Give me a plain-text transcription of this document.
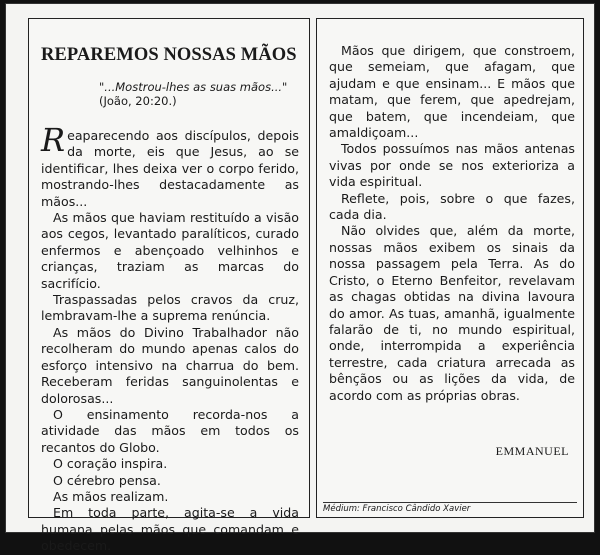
REPAREMOS NOSSAS MÃOS
"...Mostrou-lhes as suas mãos..."
(João, 20:20.)

Reaparecendo aos discípulos, depois da morte, eis que Jesus, ao se identificar, lhes deixa ver o corpo ferido, mostrando-lhes destacadamente as mãos...

As mãos que haviam restituído a visão aos cegos, levantado paralíticos, curado enfermos e abençoado velhinhos e crianças, traziam as marcas do sacrifício.

Traspassadas pelos cravos da cruz, lembravam-lhe a suprema renúncia.

As mãos do Divino Trabalhador não recolheram do mundo apenas calos do esforço intensivo na charrua do bem. Receberam feridas sanguinolentas e dolorosas...

O ensinamento recorda-nos a atividade das mãos em todos os recantos do Globo.

O coração inspira.

O cérebro pensa.

As mãos realizam.

Em toda parte, agita-se a vida humana pelas mãos que comandam e obedecem.

Mãos que dirigem, que constroem, que semeiam, que afagam, que ajudam e que ensinam... E mãos que matam, que ferem, que apedrejam, que batem, que incendeiam, que amaldiçoam...

Todos possuímos nas mãos antenas vivas por onde se nos exterioriza a vida espiritual.

Reflete, pois, sobre o que fazes, cada dia.

Não olvides que, além da morte, nossas mãos exibem os sinais da nossa passagem pela Terra. As do Cristo, o Eterno Benfeitor, revelavam as chagas obtidas na divina lavoura do amor. As tuas, amanhã, igualmente falarão de ti, no mundo espiritual, onde, interrompida a experiência terrestre, cada criatura arrecada as bênçãos ou as lições da vida, de acordo com as próprias obras.

EMMANUEL
Médium: Francisco Cândido Xavier
